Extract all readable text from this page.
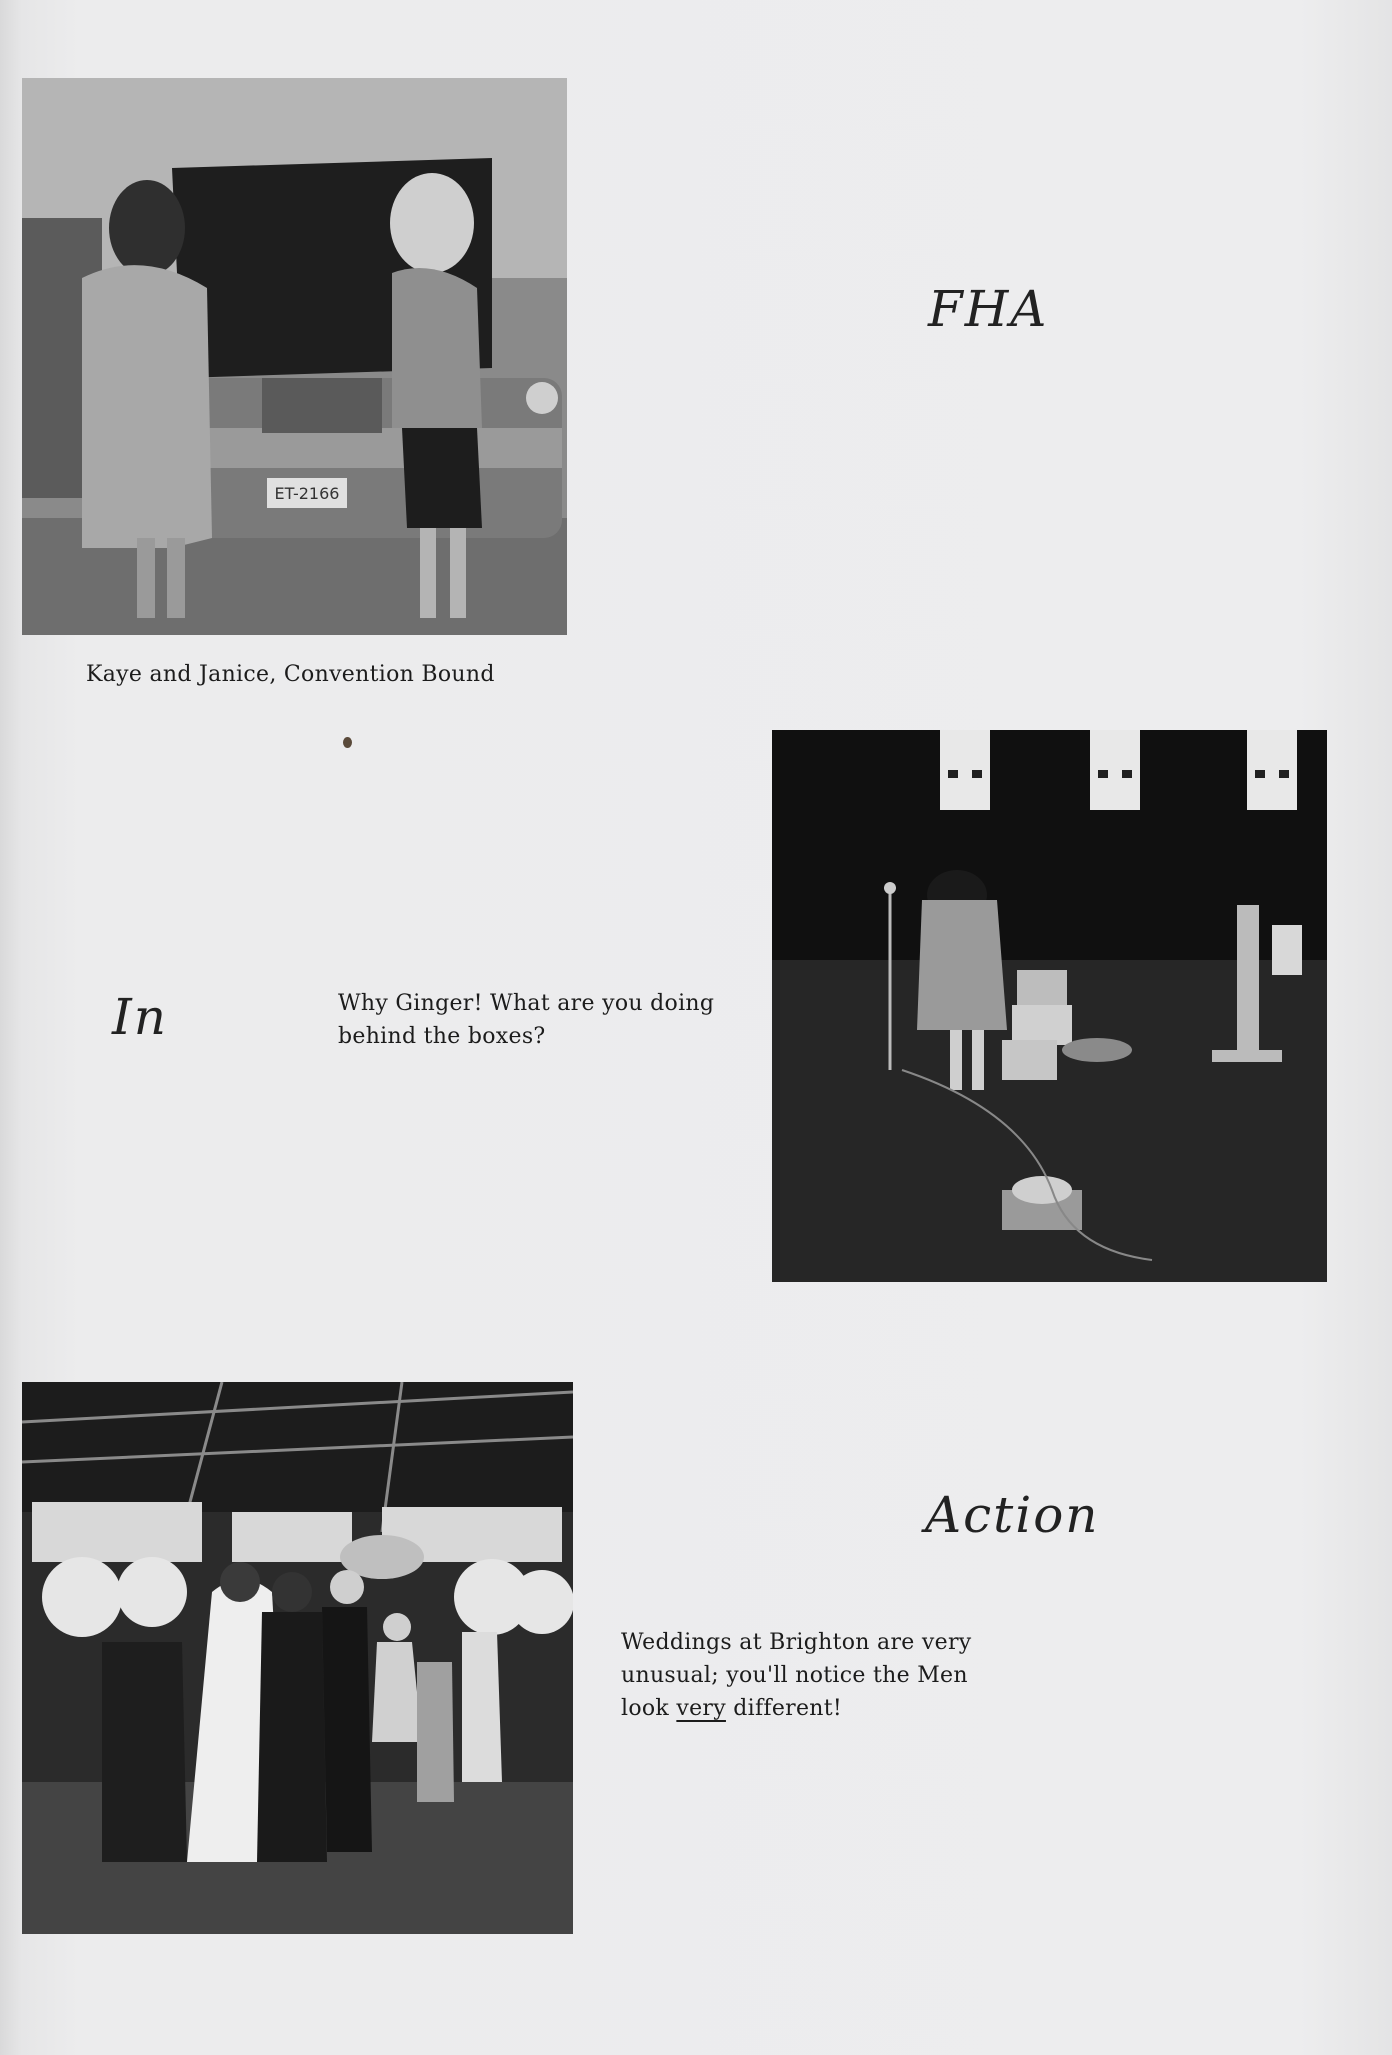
ET-2166
Kaye and Janice, Convention Bound
FHA
In	Why Ginger! What are you doing
behind the boxes?
Action
Weddings at Brighton are very
unusual; you'll notice the Men
look very different!
